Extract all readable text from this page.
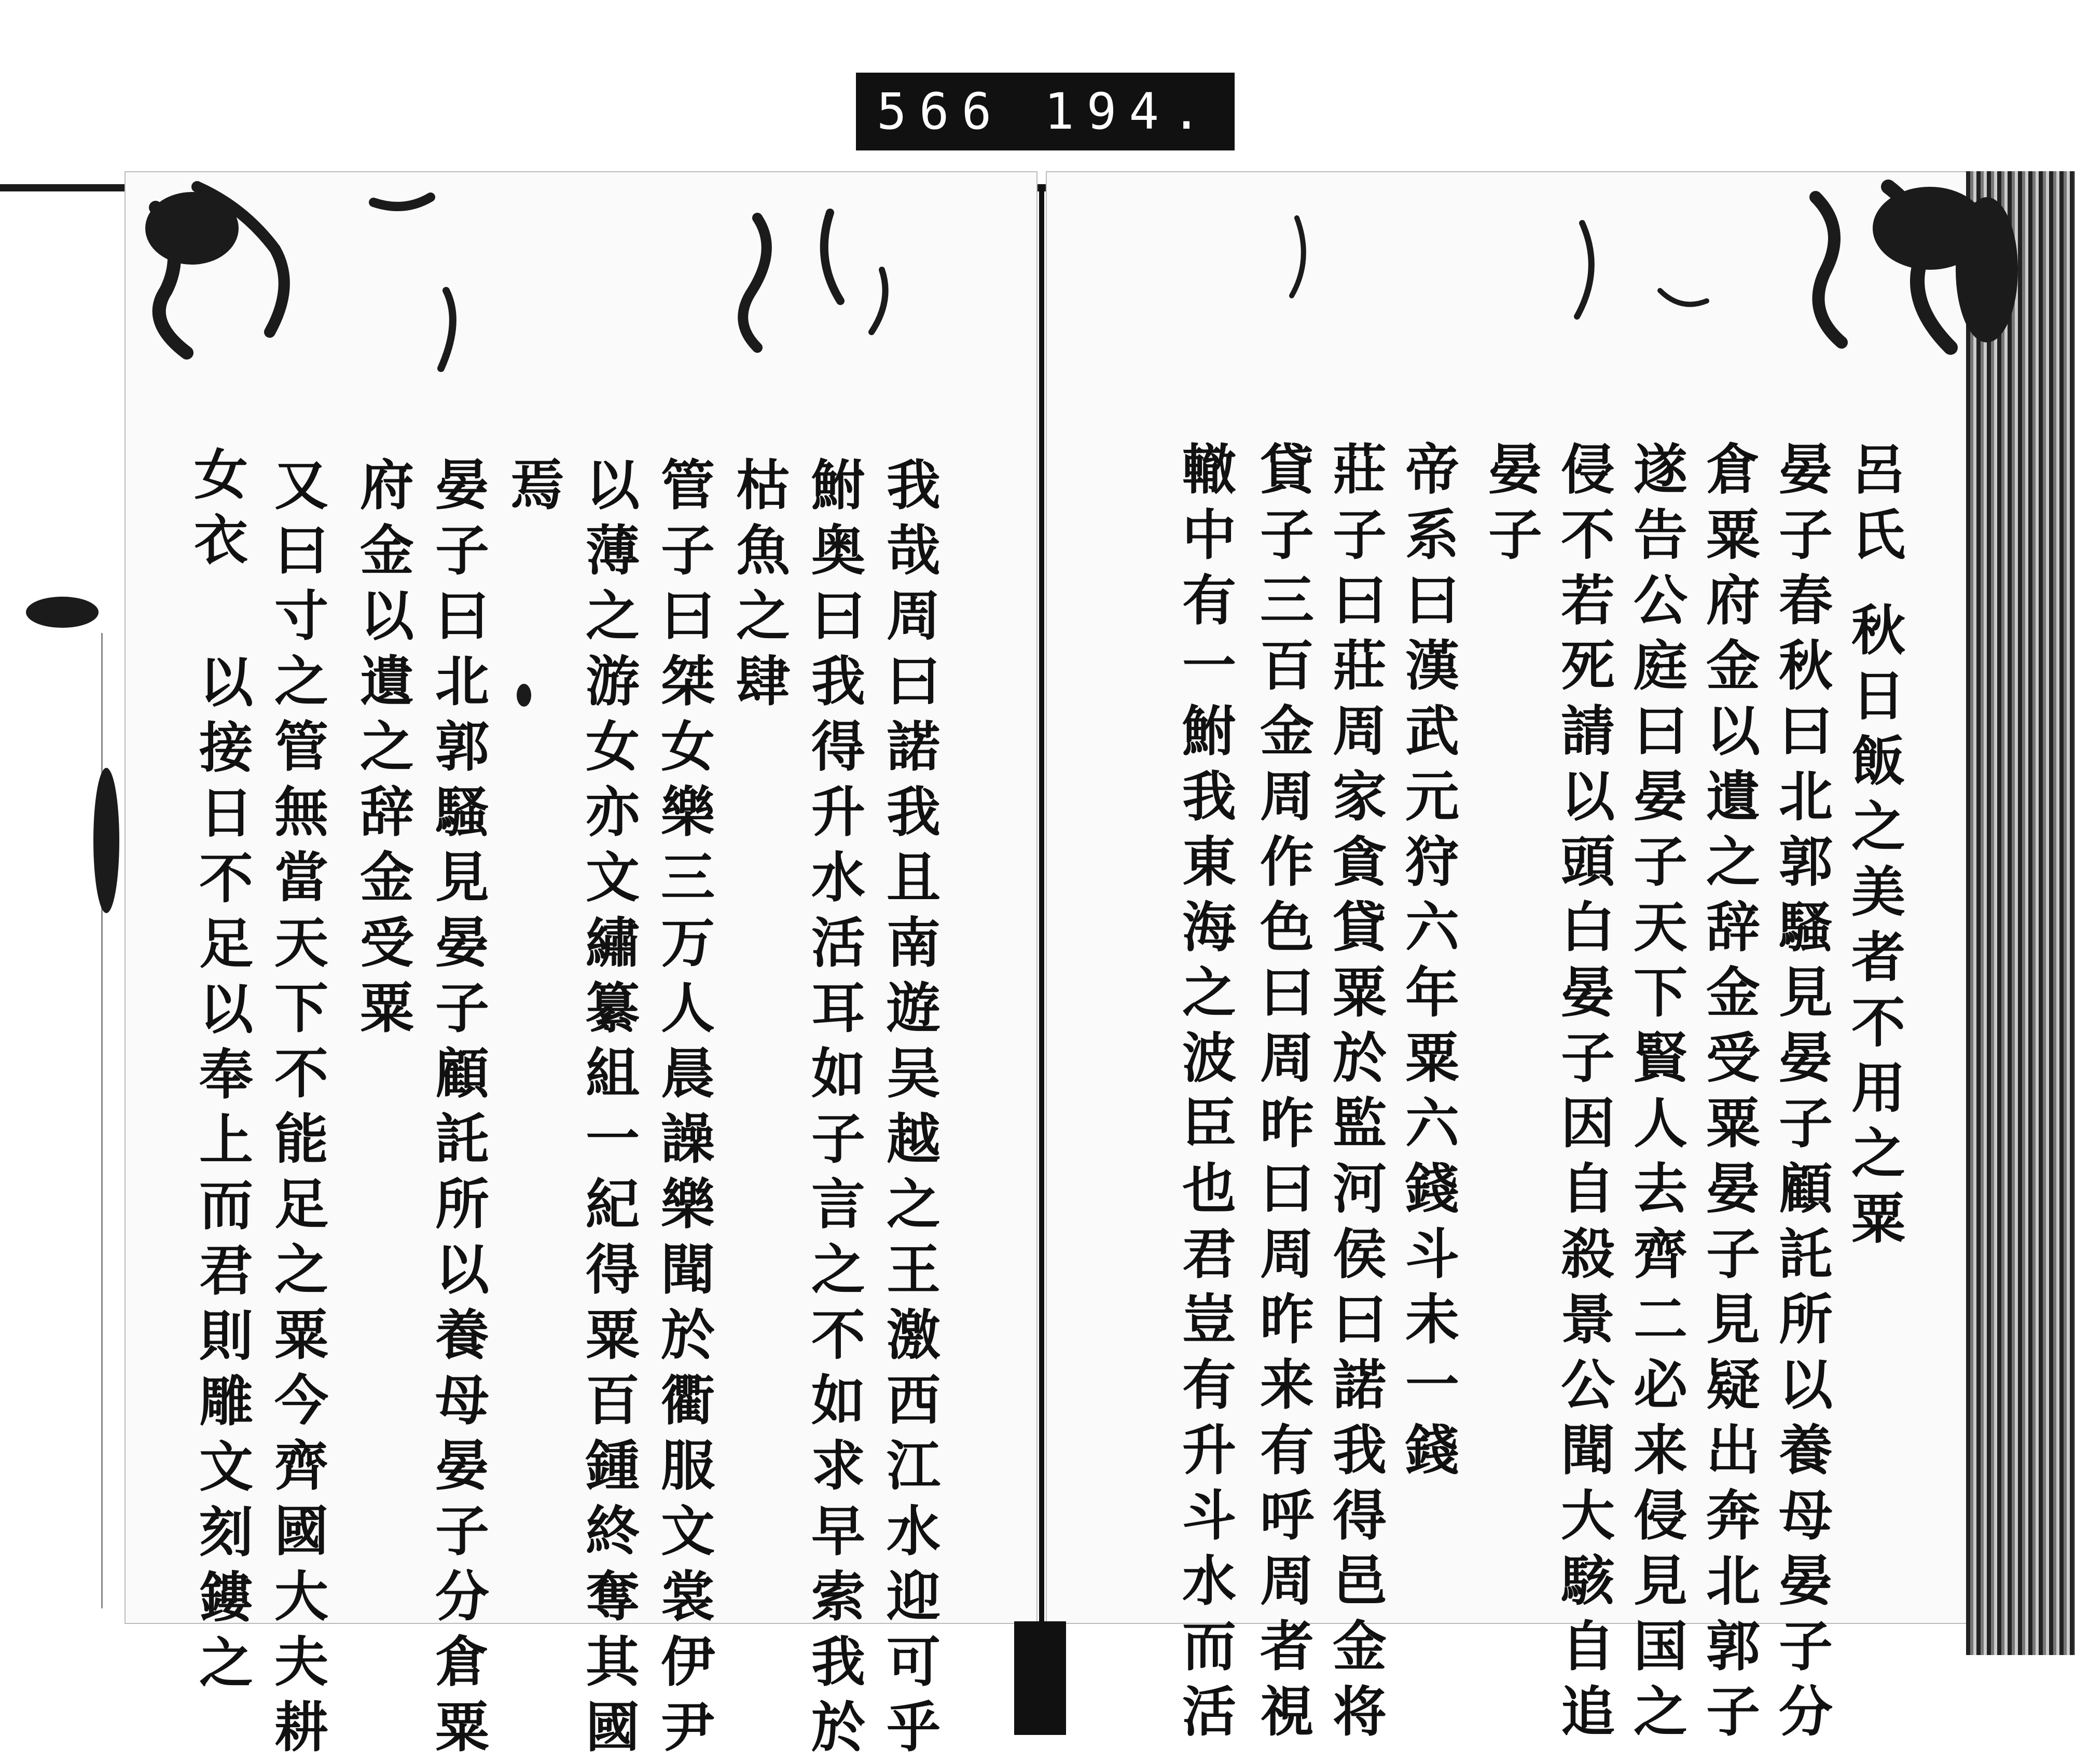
566 194.
呂氏 秋日飯之美者不用之粟
晏子春秋曰北郭騷見晏子顧託所以養母晏子分
倉粟府金以遺之辞金受粟晏子見疑出奔北郭子
遂告公庭曰晏子天下賢人去齊二必来侵見国之
侵不若死請以頭白晏子因自殺景公聞大駭自追
晏子
帝系曰漢武元狩六年粟六錢斗未一錢
莊子曰莊周家貪貸粟於監河侯曰諾我得邑金将
貸子三百金周作色曰周昨曰周昨来有呼周者視
轍中有一鮒我東海之波臣也君豈有升斗水而活
我哉周曰諾我且南遊吴越之王激西江水迎可乎
鮒奥曰我得升水活耳如子言之不如求早索我於
枯魚之肆
管子曰桀女樂三万人晨譟樂聞於衢服文裳伊尹
以薄之游女亦文繡纂組一紀得粟百鍾終奪其國
焉
晏子曰北郭騷見晏子顧託所以養母晏子分倉粟
府金以遺之辞金受粟
又曰寸之管無當天下不能足之粟今齊國大夫耕
以接日不足以奉上而君則雕文刻鏤之
女衣
